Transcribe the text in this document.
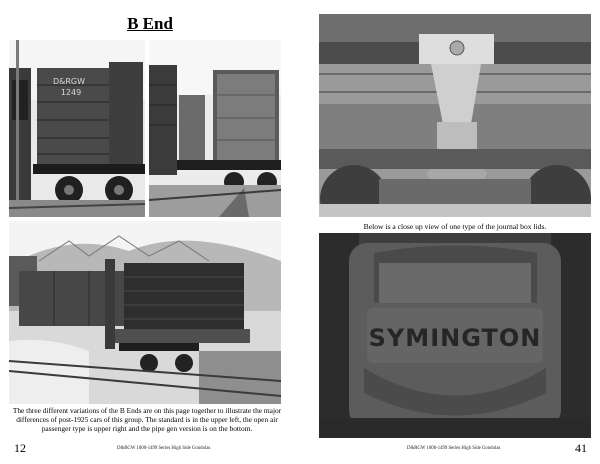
B End
D&RGW
1249
The three different variations of the B Ends are on this page together to illustrate the major differences of post-1925 cars of this group. The standard is in the upper left, the open air passenger type is upper right and the pipe gen version is on the bottom.
12	D&RGW 1000-1499 Series High Side Gondolas
Below is a close up view of one type of the journal box lids.
SYMINGTON
41
D&RGW 1000-1499 Series High Side Gondolas
